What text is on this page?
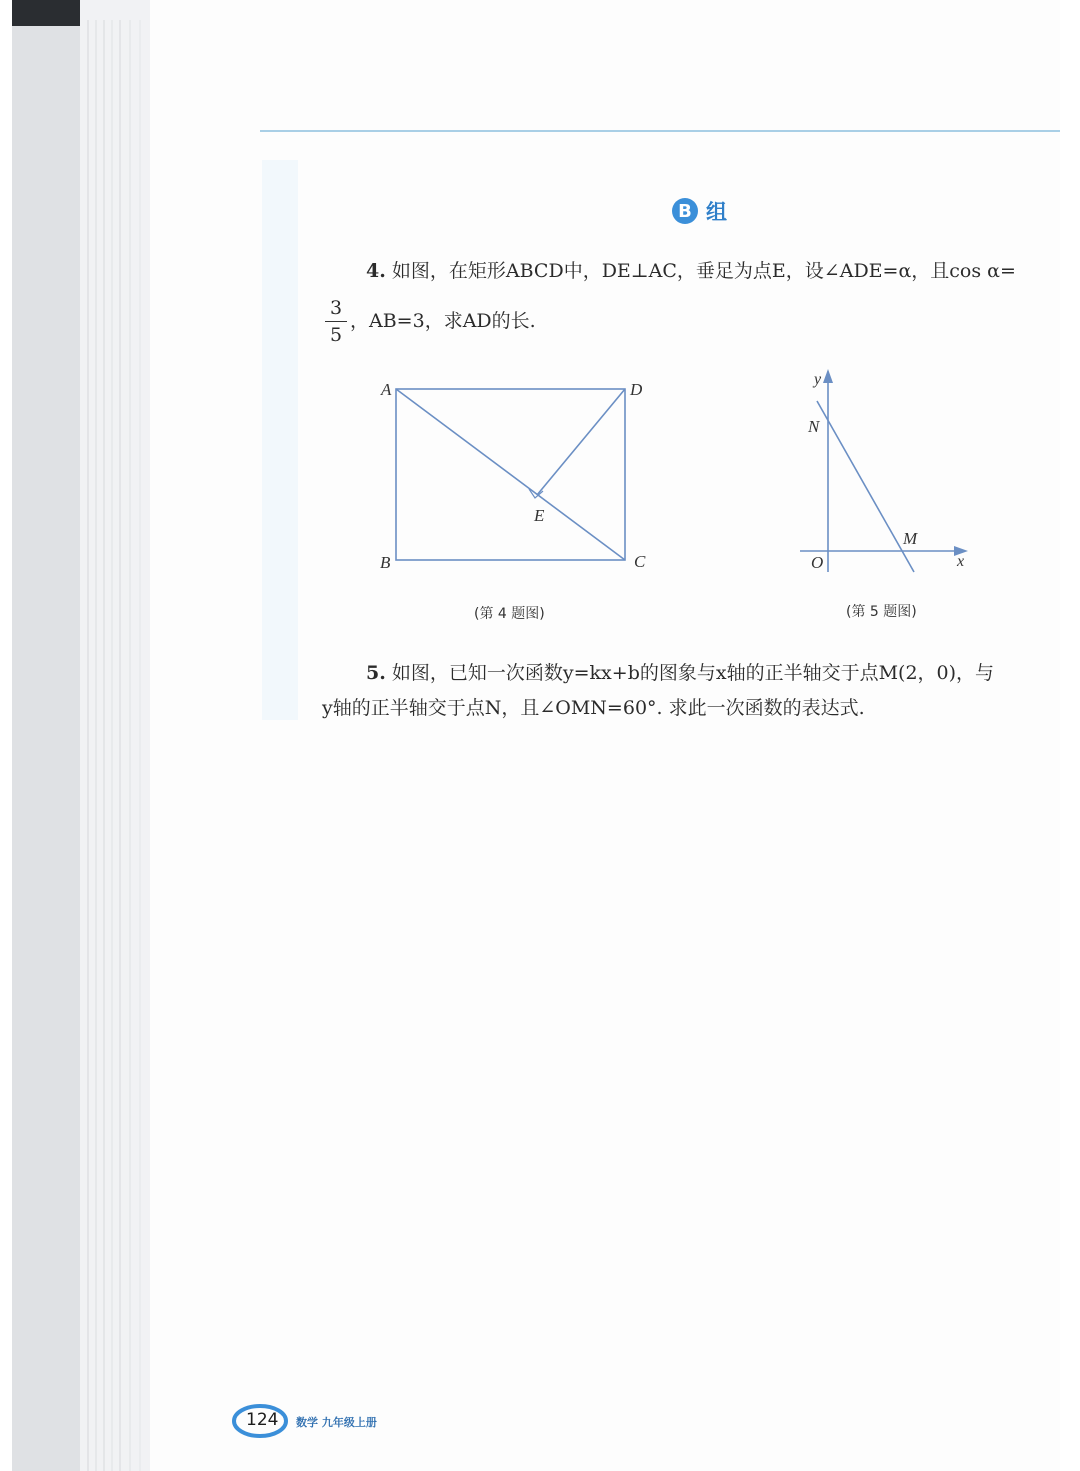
B 组
4. 如图，在矩形ABCD中，DE⊥AC，垂足为点E，设∠ADE=α，且cos α=
3
5
，AB=3，求AD的长.
A	D
B	C
E
(第 4 题图)
y
x
N
M
O
(第 5 题图)
5. 如图，已知一次函数y=kx+b的图象与x轴的正半轴交于点M(2，0)，与
y轴的正半轴交于点N，且∠OMN=60°. 求此一次函数的表达式.
124 数学 九年级上册
